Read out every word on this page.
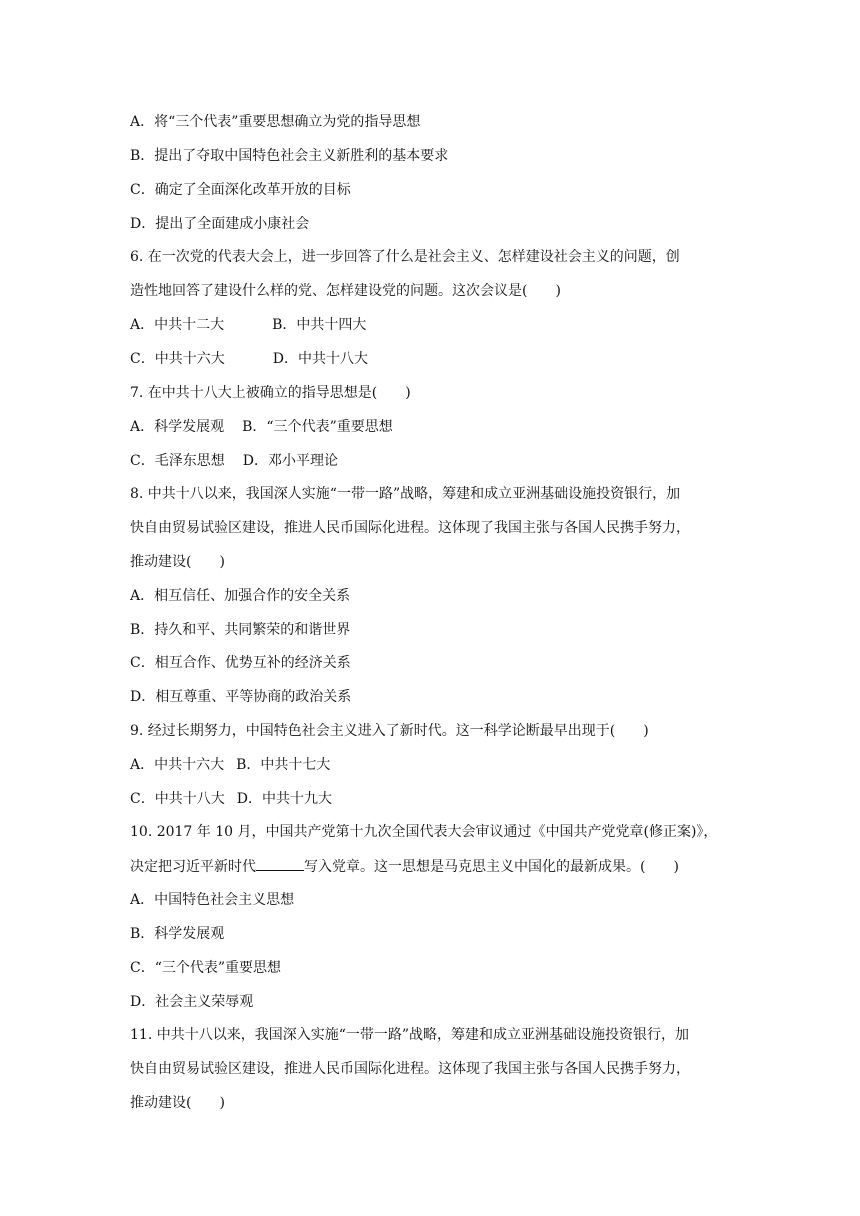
A．将“三个代表”重要思想确立为党的指导思想
B．提出了夺取中国特色社会主义新胜利的基本要求
C．确定了全面深化改革开放的目标
D．提出了全面建成小康社会
6. 在一次党的代表大会上，进一步回答了什么是社会主义、怎样建设社会主义的问题，创
造性地回答了建设什么样的党、怎样建设党的问题。这次会议是(　　)
A．中共十二大	B．中共十四大
C．中共十六大	D．中共十八大
7. 在中共十八大上被确立的指导思想是(　　)
A．科学发展观 B．“三个代表”重要思想
C．毛泽东思想 D．邓小平理论
8. 中共十八以来，我国深人实施“一带一路”战略，筹建和成立亚洲基础设施投资银行，加
快自由贸易试验区建设，推进人民币国际化进程。这体现了我国主张与各国人民携手努力，
推动建设(　　)
A．相互信任、加强合作的安全关系
B．持久和平、共同繁荣的和谐世界
C．相互合作、优势互补的经济关系
D．相互尊重、平等协商的政治关系
9. 经过长期努力，中国特色社会主义进入了新时代。这一科学论断最早出现于(　　)
A．中共十六大 B．中共十七大
C．中共十八大 D．中共十九大
10. 2017 年 10 月，中国共产党第十九次全国代表大会审议通过《中国共产党党章(修正案)》，
决定把习近平新时代	写入党章。这一思想是马克思主义中国化的最新成果。(　　)
A．中国特色社会主义思想
B．科学发展观
C．“三个代表”重要思想
D．社会主义荣辱观
11. 中共十八以来，我国深入实施“一带一路”战略，筹建和成立亚洲基础设施投资银行，加
快自由贸易试验区建设，推进人民币国际化进程。这体现了我国主张与各国人民携手努力，
推动建设(　　)
